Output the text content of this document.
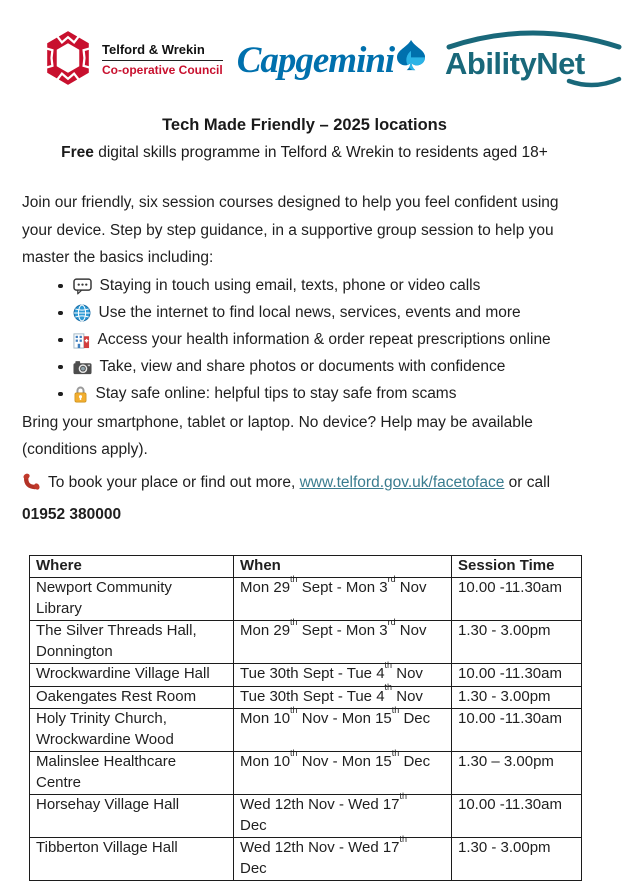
Telford & Wrekin
Co-operative Council Capgemini AbilityNet
Tech Made Friendly – 2025 locations
Free digital skills programme in Telford & Wrekin to residents aged 18+

Join our friendly, six session courses designed to help you feel confident using your device. Step by step guidance, in a supportive group session to help you master the basics including:

Staying in touch using email, texts, phone or video calls
Use the internet to find local news, services, events and more
Access your health information & order repeat prescriptions online
Take, view and share photos or documents with confidence
Stay safe online: helpful tips to stay safe from scams

Bring your smartphone, tablet or laptop. No device? Help may be available (conditions apply).

To book your place or find out more, www.telford.gov.uk/facetoface or call 01952 380000

Where	When	Session Time
Newport Community
Library	Mon 29th Sept - Mon 3rd Nov	10.00 -11.30am
The Silver Threads Hall,
Donnington	Mon 29th Sept - Mon 3rd Nov	1.30 - 3.00pm
Wrockwardine Village Hall	Tue 30th Sept - Tue 4th Nov	10.00 -11.30am
Oakengates Rest Room	Tue 30th Sept - Tue 4th Nov	1.30 - 3.00pm
Holy Trinity Church,
Wrockwardine Wood	Mon 10th Nov - Mon 15th Dec	10.00 -11.30am
Malinslee Healthcare
Centre	Mon 10th Nov - Mon 15th Dec	1.30 – 3.00pm
Horsehay Village Hall	Wed 12th Nov - Wed 17th
Dec	10.00 -11.30am
Tibberton Village Hall	Wed 12th Nov - Wed 17th
Dec	1.30 - 3.00pm
